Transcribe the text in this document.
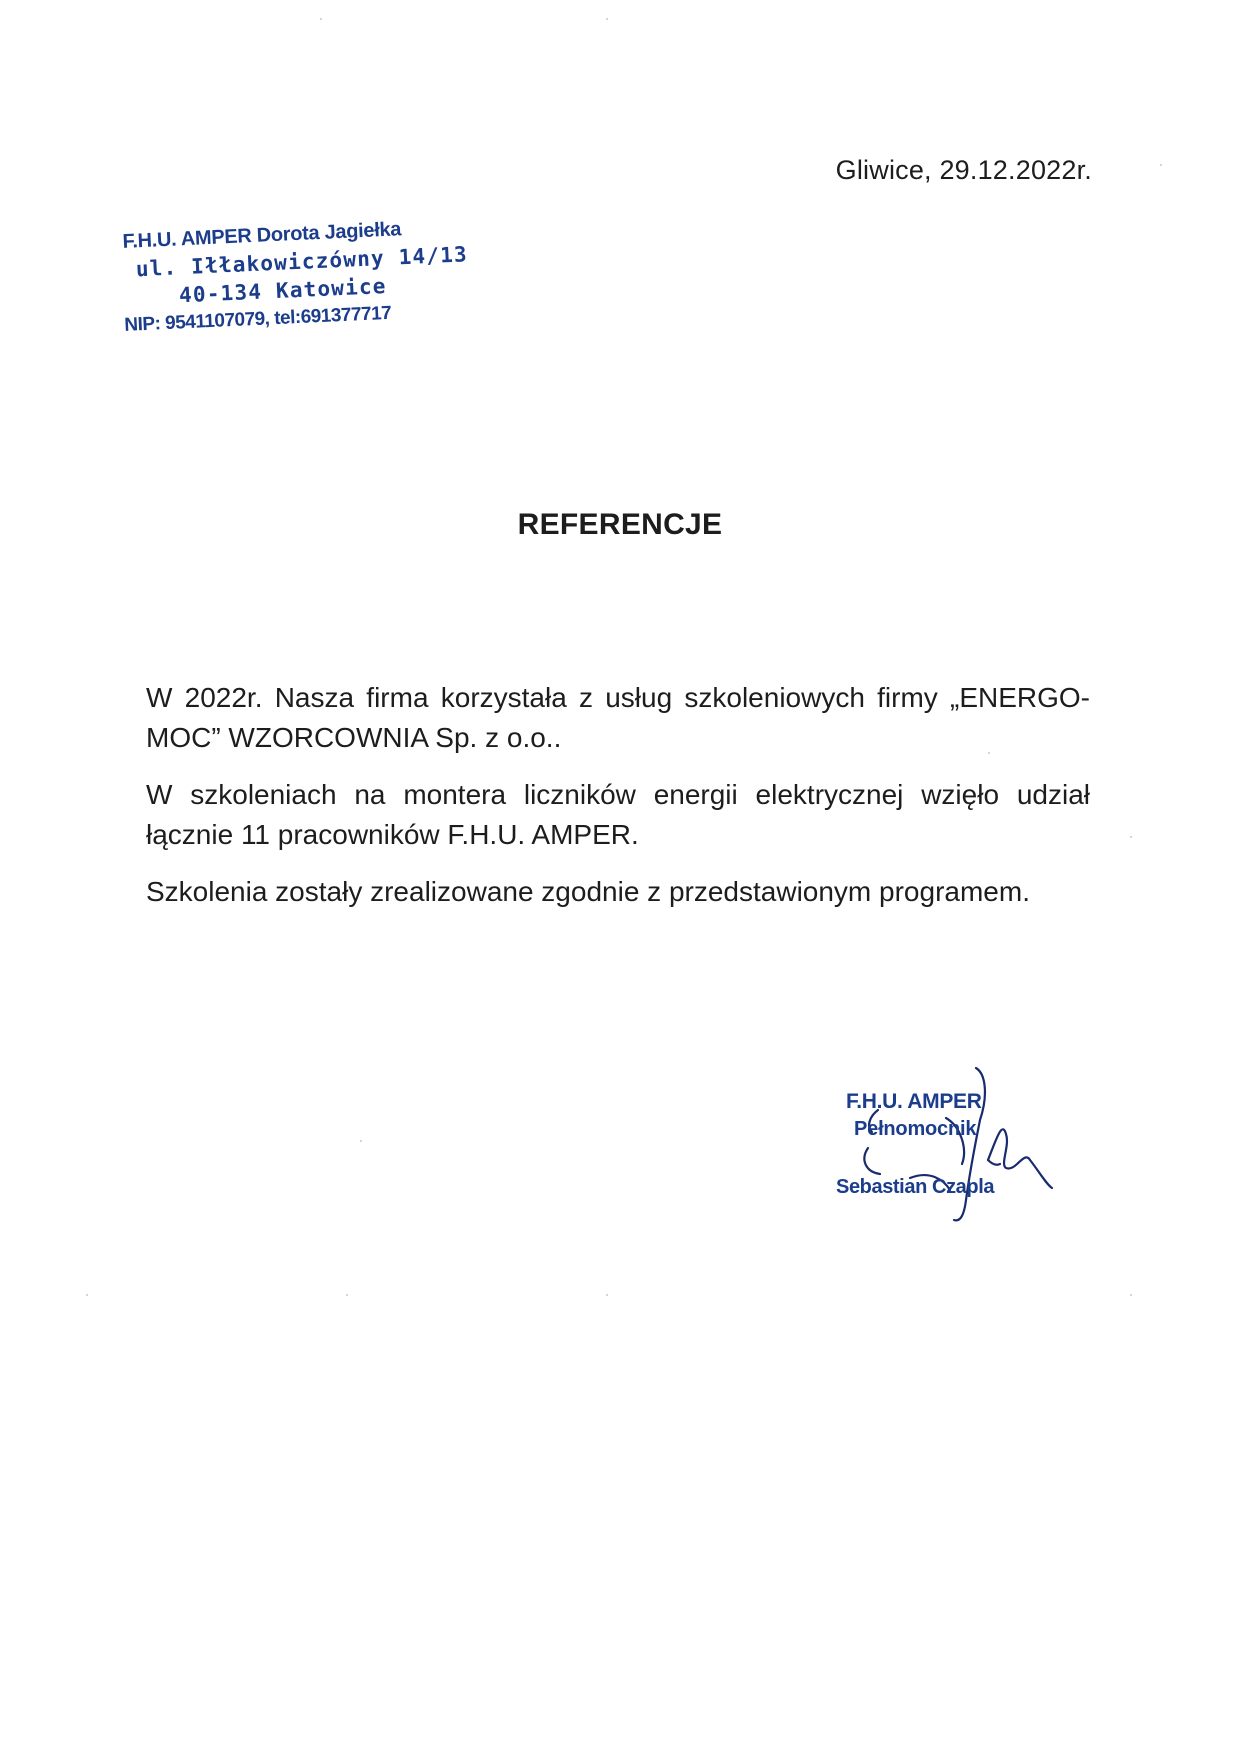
Gliwice, 29.12.2022r.
F.H.U. AMPER Dorota Jagiełka
ul. Iłłakowiczówny 14/13
40-134 Katowice
NIP: 9541107079, tel:691377717
REFERENCJE

W 2022r. Nasza firma korzystała z usług szkoleniowych firmy „ENERGO-MOC” WZORCOWNIA Sp. z o.o..

W szkoleniach na montera liczników energii elektrycznej wzięło udział łącznie 11 pracowników F.H.U. AMPER.

Szkolenia zostały zrealizowane zgodnie z przedstawionym programem.

F.H.U. AMPER
Pełnomocnik
Sebastian Czapla
